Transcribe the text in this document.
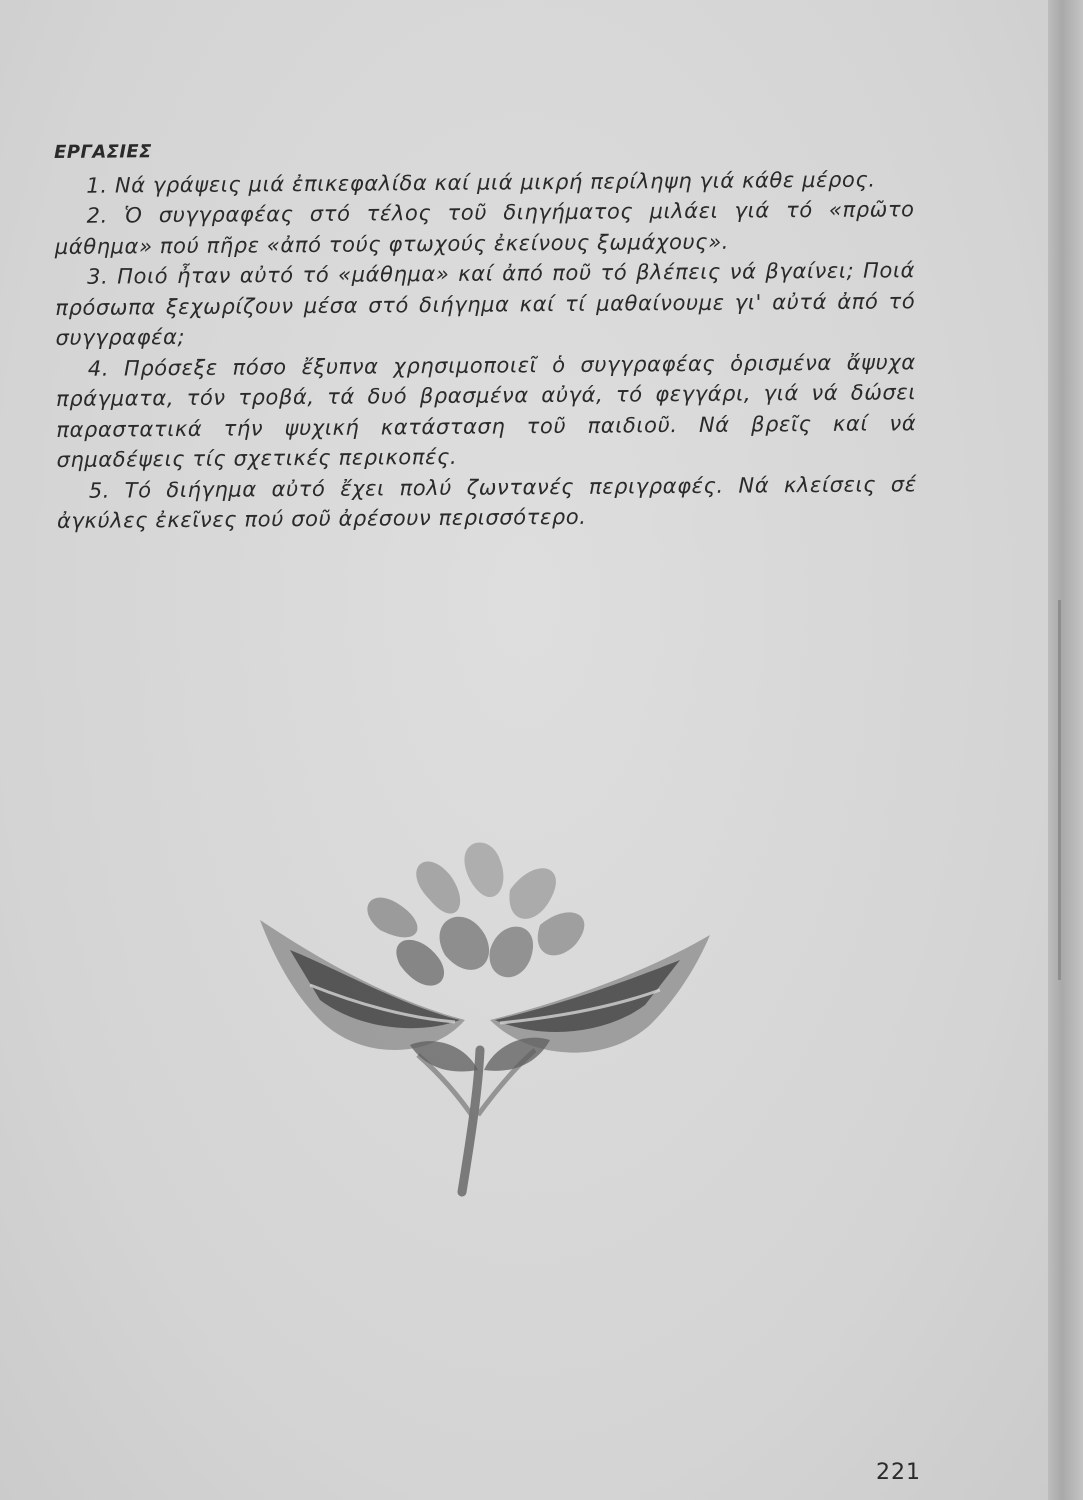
ΕΡΓΑΣΙΕΣ

1. Νά γράψεις μιά ἐπικεφαλίδα καί μιά μικρή περίληψη γιά κάθε μέρος.

2. Ὁ συγγραφέας στό τέλος τοῦ διηγήματος μιλάει γιά τό «πρῶτο μάθημα» πού πῆρε «ἀπό τούς φτωχούς ἐκείνους ξωμάχους».

3. Ποιό ἦταν αὐτό τό «μάθημα» καί ἀπό ποῦ τό βλέπεις νά βγαίνει; Ποιά πρόσωπα ξεχωρίζουν μέσα στό διήγημα καί τί μαθαίνουμε γι' αὐτά ἀπό τό συγγραφέα;

4. Πρόσεξε πόσο ἔξυπνα χρησιμοποιεῖ ὁ συγγραφέας ὁρισμένα ἄψυχα πράγματα, τόν τροβά, τά δυό βρασμένα αὐγά, τό φεγγάρι, γιά νά δώσει παραστατικά τήν ψυχική κατάσταση τοῦ παιδιοῦ. Νά βρεῖς καί νά σημαδέψεις τίς σχετικές περικοπές.

5. Τό διήγημα αὐτό ἔχει πολύ ζωντανές περιγραφές. Νά κλείσεις σέ ἀγκύλες ἐκεῖνες πού σοῦ ἀρέσουν περισσότερο.

221
